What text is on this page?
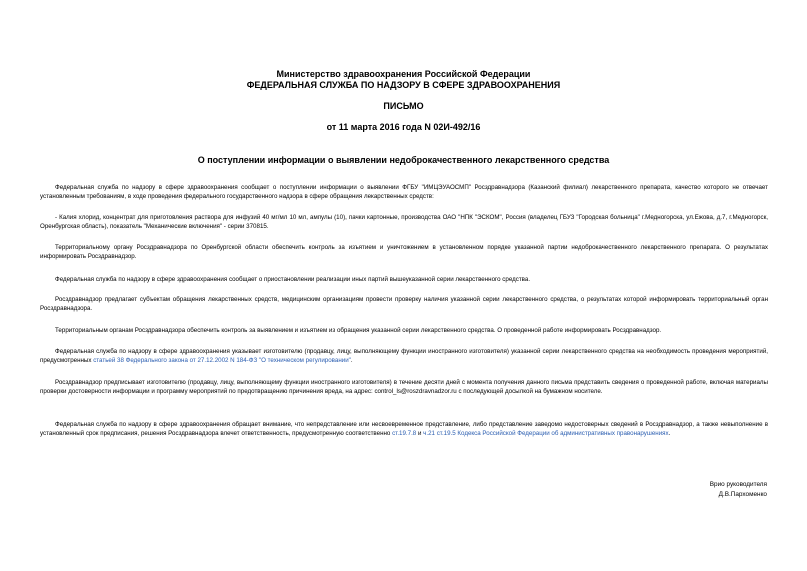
Министерство здравоохранения Российской Федерации
ФЕДЕРАЛЬНАЯ СЛУЖБА ПО НАДЗОРУ В СФЕРЕ ЗДРАВООХРАНЕНИЯ
ПИСЬМО
от 11 марта 2016 года N 02И-492/16
О поступлении информации о выявлении недоброкачественного лекарственного средства

Федеральная служба по надзору в сфере здравоохранения сообщает о поступлении информации о выявлении ФГБУ "ИМЦЭУАОСМП" Росздравнадзора (Казанский филиал) лекарственного препарата, качество которого не отвечает установленным требованиям, в ходе проведения федерального государственного надзора в сфере обращения лекарственных средств:

- Калия хлорид, концентрат для приготовления раствора для инфузий 40 мг/мл 10 мл, ампулы (10), пачки картонные, производства ОАО "НПК "ЭСКОМ", Россия (владелец ГБУЗ "Городская больница" г.Медногорска, ул.Ежова, д.7, г.Медногорск, Оренбургская область), показатель "Механические включения" - серии 370815.

Территориальному органу Росздравнадзора по Оренбургской области обеспечить контроль за изъятием и уничтожением в установленном порядке указанной партии недоброкачественного лекарственного препарата. О результатах информировать Росздравнадзор.

Федеральная служба по надзору в сфере здравоохранения сообщает о приостановлении реализации иных партий вышеуказанной серии лекарственного средства.

Росздравнадзор предлагает субъектам обращения лекарственных средств, медицинским организациям провести проверку наличия указанной серии лекарственного средства, о результатах которой информировать территориальный орган Росздравнадзора.

Территориальным органам Росздравнадзора обеспечить контроль за выявлением и изъятием из обращения указанной серии лекарственного средства. О проведенной работе информировать Росздравнадзор.

Федеральная служба по надзору в сфере здравоохранения указывает изготовителю (продавцу, лицу, выполняющему функции иностранного изготовителя) указанной серии лекарственного средства на необходимость проведения мероприятий, предусмотренных статьей 38 Федерального закона от 27.12.2002 N 184-ФЗ "О техническом регулировании".

Росздравнадзор предписывает изготовителю (продавцу, лицу, выполняющему функции иностранного изготовителя) в течение десяти дней с момента получения данного письма представить сведения о проведенной работе, включая материалы проверки достоверности информации и программу мероприятий по предотвращению причинения вреда, на адрес: control_ls@roszdravnadzor.ru с последующей досылкой на бумажном носителе.

Федеральная служба по надзору в сфере здравоохранения обращает внимание, что непредставление или несвоевременное представление, либо представление заведомо недостоверных сведений в Росздравнадзор, а также невыполнение в установленный срок предписания, решения Росздравнадзора влечет ответственность, предусмотренную соответственно ст.19.7.8 и ч.21 ст.19.5 Кодекса Российской Федерации об административных правонарушениях.

Врио руководителя
Д.В.Пархоменко
